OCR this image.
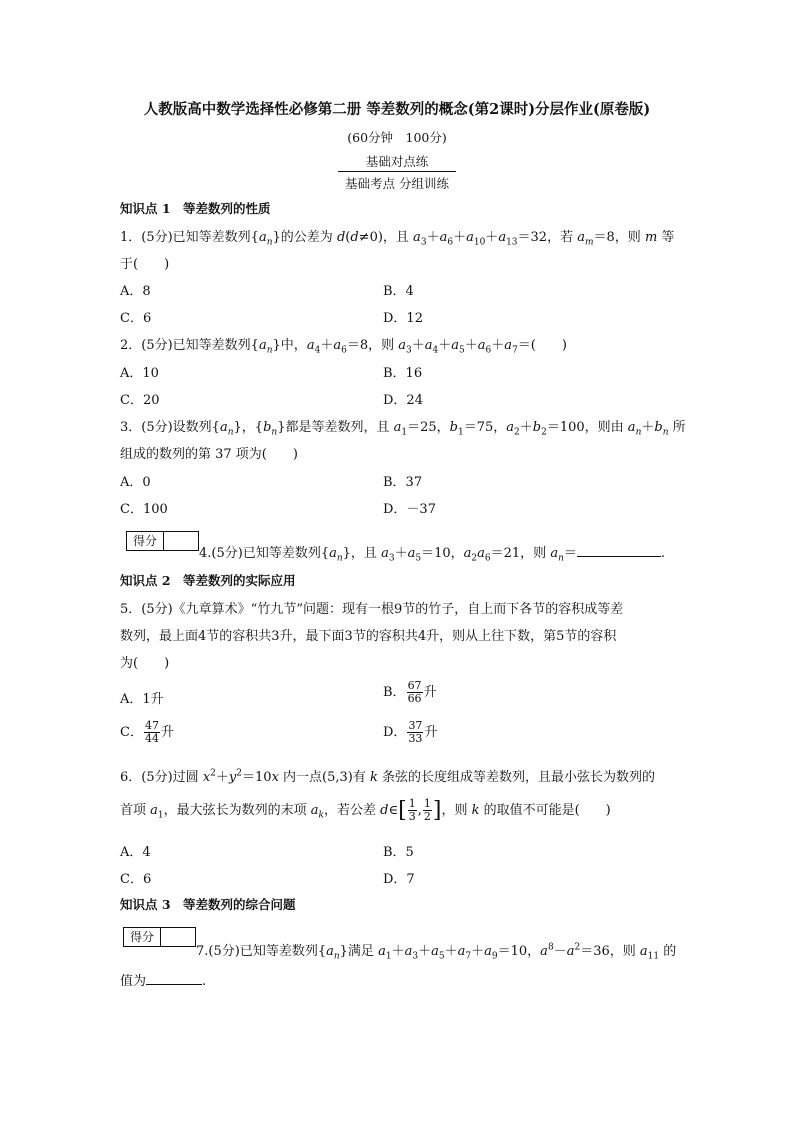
人教版高中数学选择性必修第二册 等差数列的概念(第2课时)分层作业(原卷版)
(60分钟　100分)
基础对点练
基础考点 分组训练
知识点 1　等差数列的性质
1．(5分)已知等差数列$\{a_n\}$的公差为 d(d≠0)，且 $a_3+a_6+a_{10}+a_{13}=32$，若 $a_m=8$，则 m 等
于(　　)
A．8	B．4
C．6	D．12
2．(5分)已知等差数列$\{a_n\}$中，$a_4+a_6=8$，则 $a_3+a_4+a_5+a_6+a_7=$(　　)
A．10	B．16
C．20	D．24
3．(5分)设数列$\{a_n\}$，$\{b_n\}$都是等差数列，且 $a_1=25$，$b_1=75$，$a_2+b_2=100$，则由 $a_n+b_n$ 所
组成的数列的第 37 项为(　　)
A．0	B．37
C．100	D．－37
得分
4.(5分)已知等差数列$\{a_n\}$，且 $a_3+a_5=10$，$a_2a_6=21$，则 $a_n=$	.
知识点 2　等差数列的实际应用
5．(5分)《九章算术》“竹九节”问题：现有一根9节的竹子，自上而下各节的容积成等差
数列，最上面4节的容积共3升，最下面3节的容积共4升，则从上往下数，第5节的容积
为(　　)
A．1升	B． $\frac{67}{66}$ 升
C． $\frac{47}{44}$ 升	D． $\frac{37}{33}$ 升
6．(5分)过圆 $x^2+y^2=10x$ 内一点(5,3)有 k 条弦的长度组成等差数列，且最小弦长为数列的
首项 $a_1$，最大弦长为数列的末项 $a_k$，若公差 d∈[ $\frac{1}{3}$ , $\frac{1}{2}$ ]，则 k 的取值不可能是(　　)
A．4	B．5
C．6	D．7
知识点 3　等差数列的综合问题
得分
7.(5分)已知等差数列$\{a_n\}$满足 $a_1+a_3+a_5+a_7+a_9=10$，$a^8-a^2=36$，则 $a_{11}$ 的
值为	.
